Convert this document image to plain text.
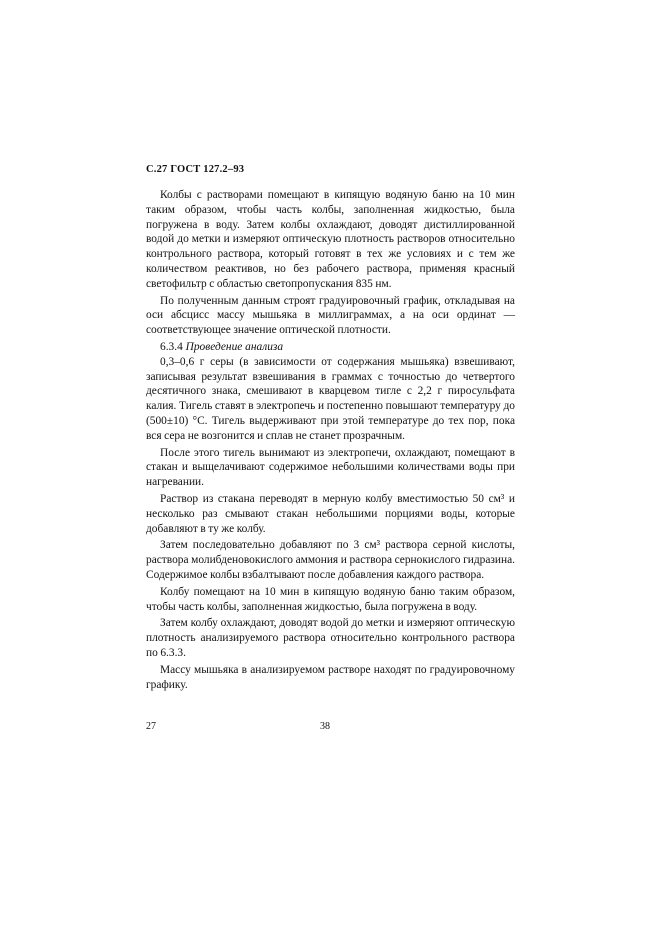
С.27 ГОСТ 127.2–93

Колбы с растворами помещают в кипящую водяную баню на 10 мин таким образом, чтобы часть колбы, заполненная жидкостью, была погружена в воду. Затем колбы охлаждают, доводят дистиллированной водой до метки и измеряют оптическую плотность растворов относительно контрольного раствора, который готовят в тех же условиях и с тем же количеством реактивов, но без рабочего раствора, применяя красный светофильтр с областью светопропускания 835 нм.

По полученным данным строят градуировочный график, откладывая на оси абсцисс массу мышьяка в миллиграммах, а на оси ординат — соответствующее значение оптической плотности.

6.3.4 Проведение анализа

0,3–0,6 г серы (в зависимости от содержания мышьяка) взвешивают, записывая результат взвешивания в граммах с точностью до четвертого десятичного знака, смешивают в кварцевом тигле с 2,2 г пиросульфата калия. Тигель ставят в электропечь и постепенно повышают температуру до (500±10) °С. Тигель выдерживают при этой температуре до тех пор, пока вся сера не возгонится и сплав не станет прозрачным.

После этого тигель вынимают из электропечи, охлаждают, помещают в стакан и выщелачивают содержимое небольшими количествами воды при нагревании.

Раствор из стакана переводят в мерную колбу вместимостью 50 см³ и несколько раз смывают стакан небольшими порциями воды, которые добавляют в ту же колбу.

Затем последовательно добавляют по 3 см³ раствора серной кислоты, раствора молибденовокислого аммония и раствора сернокислого гидразина. Содержимое колбы взбалтывают после добавления каждого раствора.

Колбу помещают на 10 мин в кипящую водяную баню таким образом, чтобы часть колбы, заполненная жидкостью, была погружена в воду.

Затем колбу охлаждают, доводят водой до метки и измеряют оптическую плотность анализируемого раствора относительно контрольного раствора по 6.3.3.

Массу мышьяка в анализируемом растворе находят по градуировочному графику.

27	38
